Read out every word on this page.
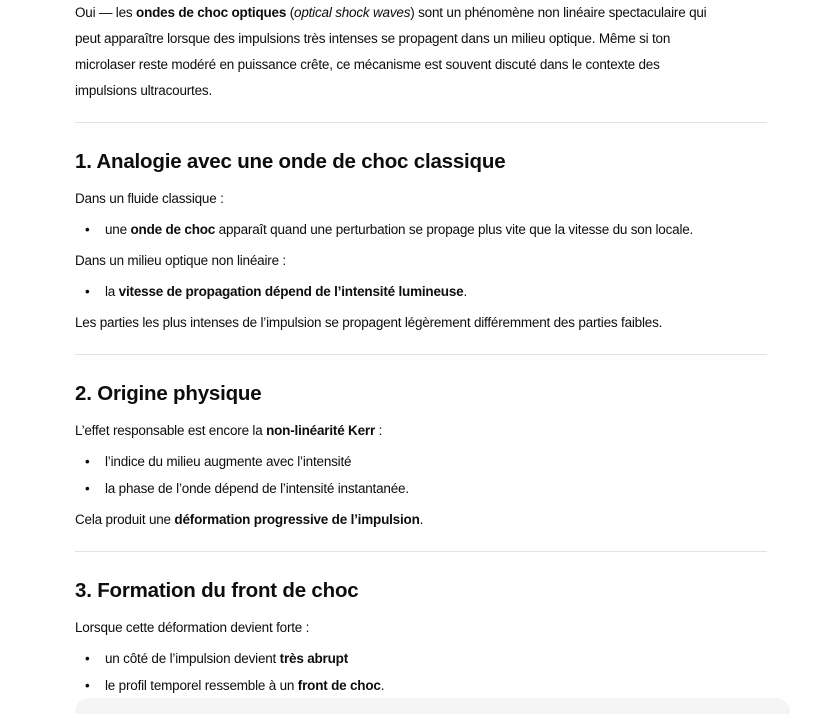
Oui — les ondes de choc optiques (optical shock waves) sont un phénomène non linéaire spectaculaire qui
peut apparaître lorsque des impulsions très intenses se propagent dans un milieu optique. Même si ton
microlaser reste modéré en puissance crête, ce mécanisme est souvent discuté dans le contexte des
impulsions ultracourtes.

1. Analogie avec une onde de choc classique

Dans un fluide classique :

• une onde de choc apparaît quand une perturbation se propage plus vite que la vitesse du son locale.

Dans un milieu optique non linéaire :

• la vitesse de propagation dépend de l’intensité lumineuse.

Les parties les plus intenses de l’impulsion se propagent légèrement différemment des parties faibles.

2. Origine physique

L’effet responsable est encore la non-linéarité Kerr :

• l’indice du milieu augmente avec l’intensité
• la phase de l’onde dépend de l’intensité instantanée.

Cela produit une déformation progressive de l’impulsion.

3. Formation du front de choc

Lorsque cette déformation devient forte :

• un côté de l’impulsion devient très abrupt
• le profil temporel ressemble à un front de choc.
